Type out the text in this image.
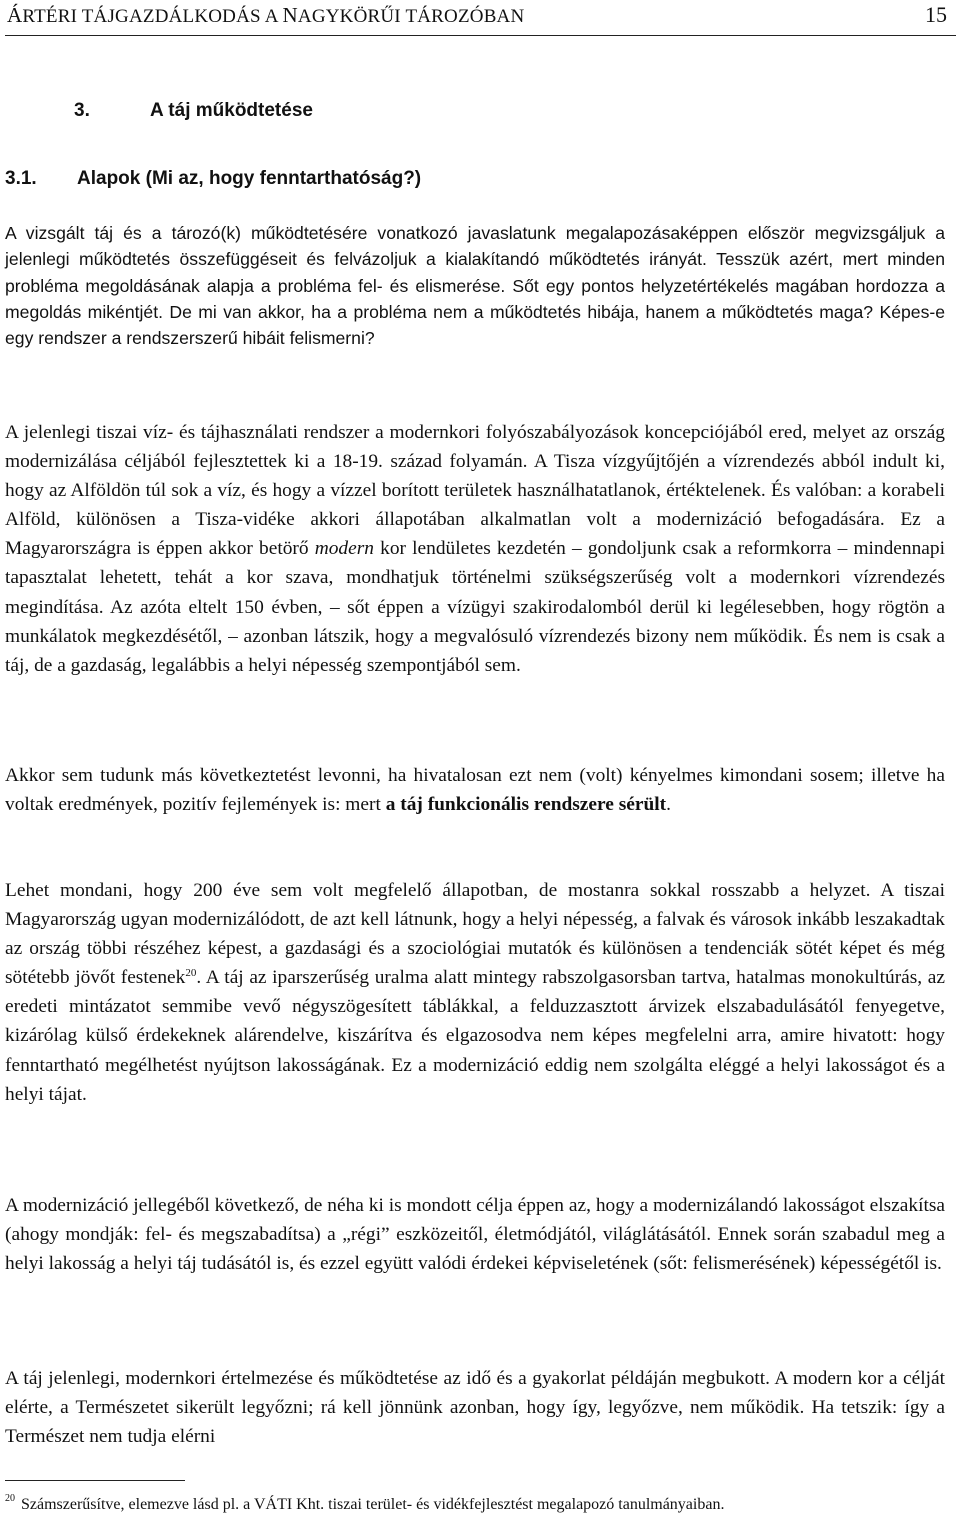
ÁRTÉRI TÁJGAZDÁLKODÁS A NAGYKÖRŰI TÁROZÓBAN	15
3.	A táj működtetése
3.1. Alapok (Mi az, hogy fenntarthatóság?)

A vizsgált táj és a tározó(k) működtetésére vonatkozó javaslatunk megalapozásaképpen először megvizsgáljuk a jelenlegi működtetés összefüggéseit és felvázoljuk a kialakítandó működtetés irányát. Tesszük azért, mert minden probléma megoldásának alapja a probléma fel- és elismerése. Sőt egy pontos helyzetértékelés magában hordozza a megoldás mikéntjét. De mi van akkor, ha a probléma nem a működtetés hibája, hanem a működtetés maga? Képes-e egy rendszer a rendszerszerű hibáit felismerni?

A jelenlegi tiszai víz- és tájhasználati rendszer a modernkori folyószabályozások koncepciójából ered, melyet az ország modernizálása céljából fejlesztettek ki a 18-19. század folyamán. A Tisza vízgyűjtőjén a vízrendezés abból indult ki, hogy az Alföldön túl sok a víz, és hogy a vízzel borított területek használhatatlanok, értéktelenek. És valóban: a korabeli Alföld, különösen a Tisza-vidéke akkori állapotában alkalmatlan volt a modernizáció befogadására. Ez a Magyarországra is éppen akkor betörő modern kor lendületes kezdetén – gondoljunk csak a reformkorra – mindennapi tapasztalat lehetett, tehát a kor szava, mondhatjuk történelmi szükségszerűség volt a modernkori vízrendezés megindítása. Az azóta eltelt 150 évben, – sőt éppen a vízügyi szakirodalomból derül ki legélesebben, hogy rögtön a munkálatok megkezdésétől, – azonban látszik, hogy a megvalósuló vízrendezés bizony nem működik. És nem is csak a táj, de a gazdaság, legalábbis a helyi népesség szempontjából sem.

Akkor sem tudunk más következtetést levonni, ha hivatalosan ezt nem (volt) kényelmes kimondani sosem; illetve ha voltak eredmények, pozitív fejlemények is: mert a táj funkcionális rendszere sérült.

Lehet mondani, hogy 200 éve sem volt megfelelő állapotban, de mostanra sokkal rosszabb a helyzet. A tiszai Magyarország ugyan modernizálódott, de azt kell látnunk, hogy a helyi népesség, a falvak és városok inkább leszakadtak az ország többi részéhez képest, a gazdasági és a szociológiai mutatók és különösen a tendenciák sötét képet és még sötétebb jövőt festenek$^{20}$. A táj az iparszerűség uralma alatt mintegy rabszolgasorsban tartva, hatalmas monokultúrás, az eredeti mintázatot semmibe vevő négyszögesített táblákkal, a felduzzasztott árvizek elszabadulásától fenyegetve, kizárólag külső érdekeknek alárendelve, kiszárítva és elgazosodva nem képes megfelelni arra, amire hivatott: hogy fenntartható megélhetést nyújtson lakosságának. Ez a modernizáció eddig nem szolgálta eléggé a helyi lakosságot és a helyi tájat.

A modernizáció jellegéből következő, de néha ki is mondott célja éppen az, hogy a modernizálandó lakosságot elszakítsa (ahogy mondják: fel- és megszabadítsa) a „régi” eszközeitől, életmódjától, világlátásától. Ennek során szabadul meg a helyi lakosság a helyi táj tudásától is, és ezzel együtt valódi érdekei képviseletének (sőt: felismerésének) képességétől is.

A táj jelenlegi, modernkori értelmezése és működtetése az idő és a gyakorlat példáján megbukott. A modern kor a célját elérte, a Természetet sikerült legyőzni; rá kell jönnünk azonban, hogy így, legyőzve, nem működik. Ha tetszik: így a Természet nem tudja elérni

$^{20}$ Számszerűsítve, elemezve lásd pl. a VÁTI Kht. tiszai terület- és vidékfejlesztést megalapozó tanulmányaiban.
